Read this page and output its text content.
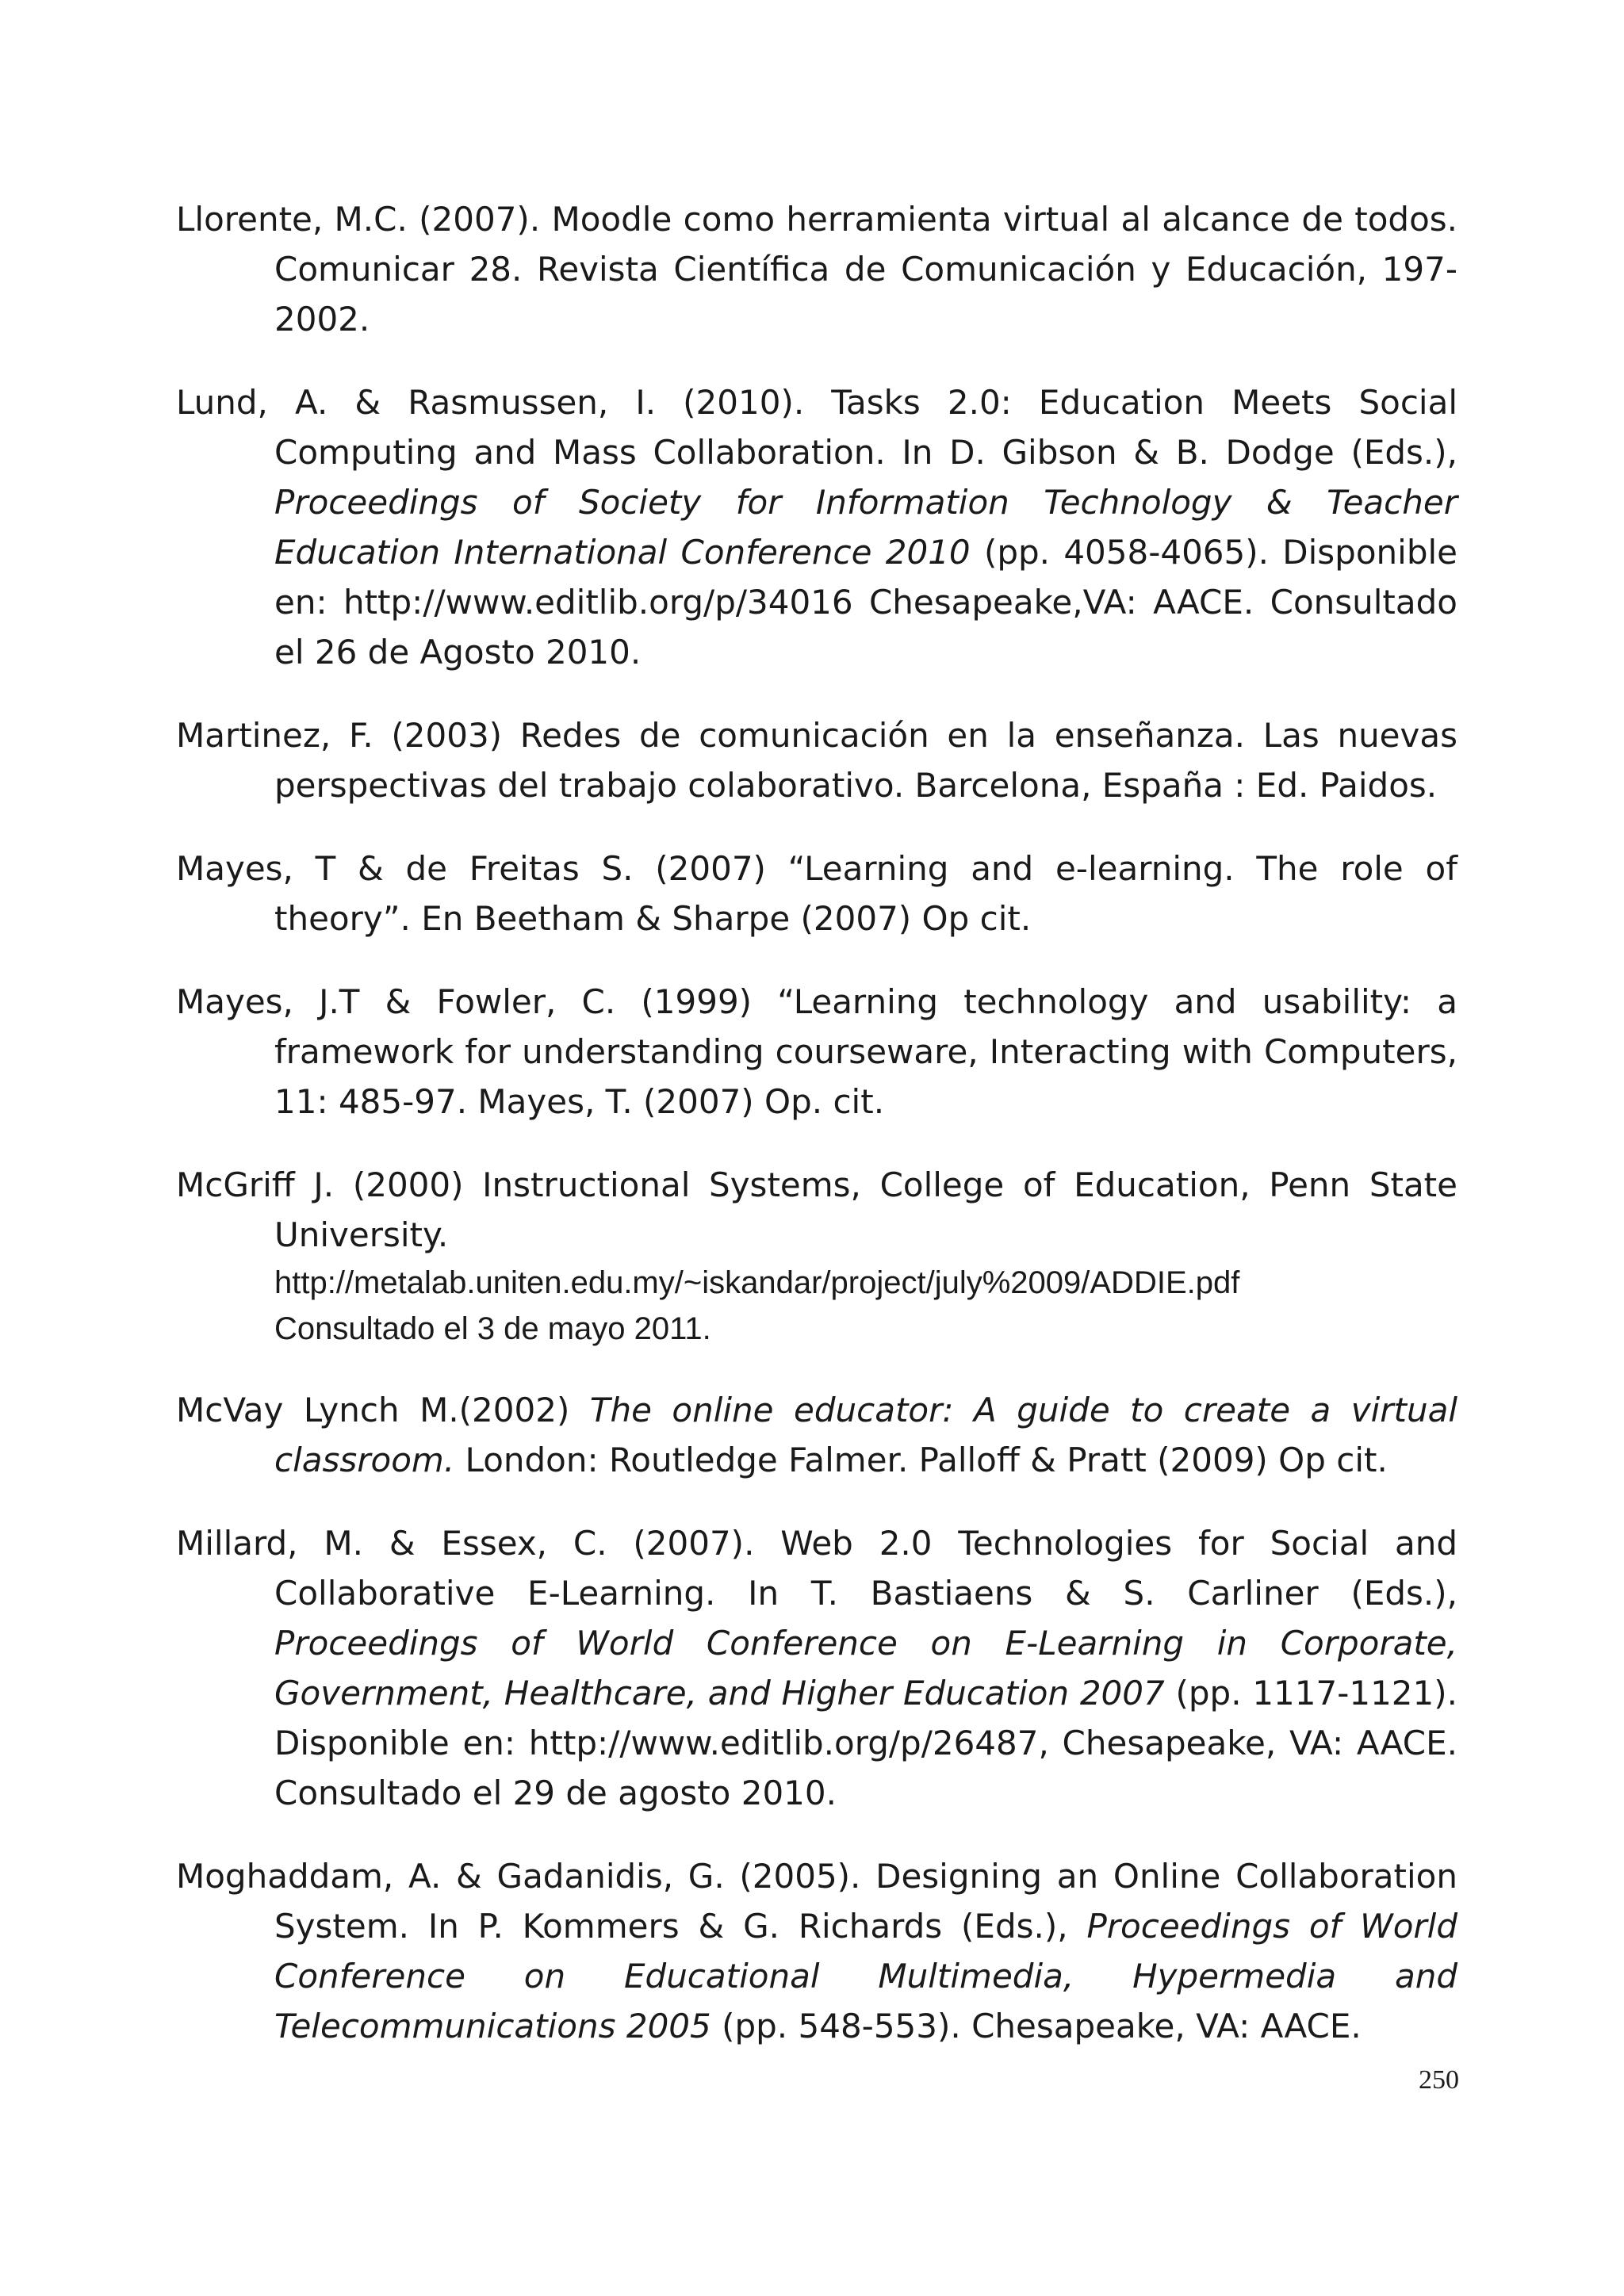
Llorente, M.C. (2007). Moodle como herramienta virtual al alcance de todos. Comunicar 28. Revista Científica de Comunicación y Educación, 197-2002.

Lund, A. & Rasmussen, I. (2010). Tasks 2.0: Education Meets Social Computing and Mass Collaboration. In D. Gibson & B. Dodge (Eds.), Proceedings of Society for Information Technology & Teacher Education International Conference 2010 (pp. 4058-4065). Disponible en: http://www.editlib.org/p/34016 Chesapeake,VA: AACE. Consultado el 26 de Agosto 2010.

Martinez, F. (2003) Redes de comunicación en la enseñanza. Las nuevas perspectivas del trabajo colaborativo. Barcelona, España : Ed. Paidos.

Mayes, T & de Freitas S. (2007) “Learning and e-learning. The role of theory”. En Beetham & Sharpe (2007) Op cit.

Mayes, J.T & Fowler, C. (1999) “Learning technology and usability: a framework for understanding courseware, Interacting with Computers, 11: 485-97. Mayes, T. (2007) Op. cit.

McGriff J. (2000) Instructional Systems, College of Education, Penn State University.
http://metalab.uniten.edu.my/~iskandar/project/july%2009/ADDIE.pdf
Consultado el 3 de mayo 2011.

McVay Lynch M.(2002) The online educator: A guide to create a virtual classroom. London: Routledge Falmer. Palloff & Pratt (2009) Op cit.

Millard, M. & Essex, C. (2007). Web 2.0 Technologies for Social and Collaborative E-Learning. In T. Bastiaens & S. Carliner (Eds.), Proceedings of World Conference on E-Learning in Corporate, Government, Healthcare, and Higher Education 2007 (pp. 1117-1121). Disponible en: http://www.editlib.org/p/26487, Chesapeake, VA: AACE. Consultado el 29 de agosto 2010.

Moghaddam, A. & Gadanidis, G. (2005). Designing an Online Collaboration System. In P. Kommers & G. Richards (Eds.), Proceedings of World Conference on Educational Multimedia, Hypermedia and Telecommunications 2005 (pp. 548-553). Chesapeake, VA: AACE.

250
